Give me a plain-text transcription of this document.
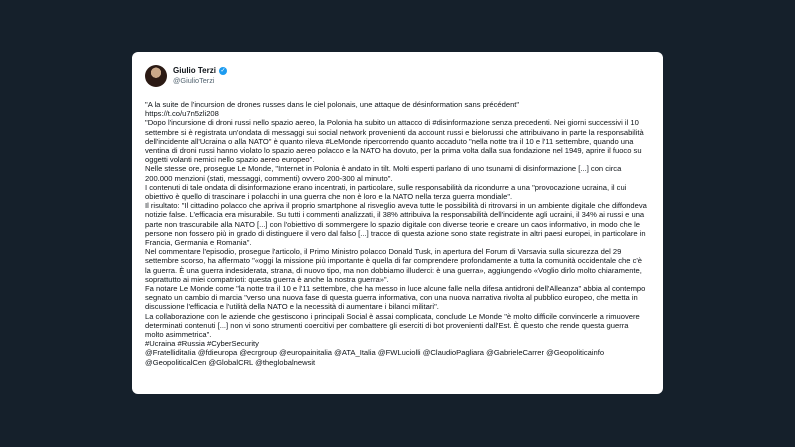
Giulio Terzi ✓
@GiulioTerzi
"A la suite de l'incursion de drones russes dans le ciel polonais, une attaque de désinformation sans précédent"
https://t.co/u7n5zli208
"Dopo l'incursione di droni russi nello spazio aereo, la Polonia ha subito un attacco di #disinformazione senza precedenti. Nei giorni successivi il 10 settembre si è registrata un'ondata di messaggi sui social network provenienti da account russi e bielorussi che attribuivano in parte la responsabilità dell'incidente all'Ucraina o alla NATO" è quanto rileva #LeMonde ripercorrendo quanto accaduto "nella notte tra il 10 e l'11 settembre, quando una ventina di droni russi hanno violato lo spazio aereo polacco e la NATO ha dovuto, per la prima volta dalla sua fondazione nel 1949, aprire il fuoco su oggetti volanti nemici nello spazio aereo europeo".
Nelle stesse ore, prosegue Le Monde, "Internet in Polonia è andato in tilt. Molti esperti parlano di uno tsunami di disinformazione [...] con circa 200.000 menzioni (stati, messaggi, commenti) ovvero 200-300 al minuto".
I contenuti di tale ondata di disinformazione erano incentrati, in particolare, sulle responsabilità da ricondurre a una "provocazione ucraina, il cui obiettivo è quello di trascinare i polacchi in una guerra che non è loro e la NATO nella terza guerra mondiale".
Il risultato: "Il cittadino polacco che apriva il proprio smartphone al risveglio aveva tutte le possibilità di ritrovarsi in un ambiente digitale che diffondeva notizie false. L'efficacia era misurabile. Su tutti i commenti analizzati, il 38% attribuiva la responsabilità dell'incidente agli ucraini, il 34% ai russi e una parte non trascurabile alla NATO [...] con l'obiettivo di sommergere lo spazio digitale con diverse teorie e creare un caos informativo, in modo che le persone non fossero più in grado di distinguere il vero dal falso [...] tracce di questa azione sono state registrate in altri paesi europei, in particolare in Francia, Germania e Romania".
Nel commentare l'episodio, prosegue l'articolo, il Primo Ministro polacco Donald Tusk, in apertura del Forum di Varsavia sulla sicurezza del 29 settembre scorso, ha affermato "«oggi la missione più importante è quella di far comprendere profondamente a tutta la comunità occidentale che c'è la guerra. È una guerra indesiderata, strana, di nuovo tipo, ma non dobbiamo illuderci: è una guerra», aggiungendo «Voglio dirlo molto chiaramente, soprattutto ai miei compatrioti: questa guerra è anche la nostra guerra»".
Fa notare Le Monde come "la notte tra il 10 e l'11 settembre, che ha messo in luce alcune falle nella difesa antidroni dell'Alleanza" abbia al contempo segnato un cambio di marcia "verso una nuova fase di questa guerra informativa, con una nuova narrativa rivolta al pubblico europeo, che metta in discussione l'efficacia e l'utilità della NATO e la necessità di aumentare i bilanci militari".
La collaborazione con le aziende che gestiscono i principali Social è assai complicata, conclude Le Monde "è molto difficile convincerle a rimuovere determinati contenuti [...] non vi sono strumenti coercitivi per combattere gli eserciti di bot provenienti dall'Est. È questo che rende questa guerra molto asimmetrica".
#Ucraina #Russia #CyberSecurity
@FratelliditaIia @fdieuropa @ecrgroup @europainitalia @ATA_Italia @FWLuciolli @ClaudioPagliara @GabrieleCarrer @Geopoliticainfo @GeopoliticalCen @GlobalCRL @theglobalnewsit
